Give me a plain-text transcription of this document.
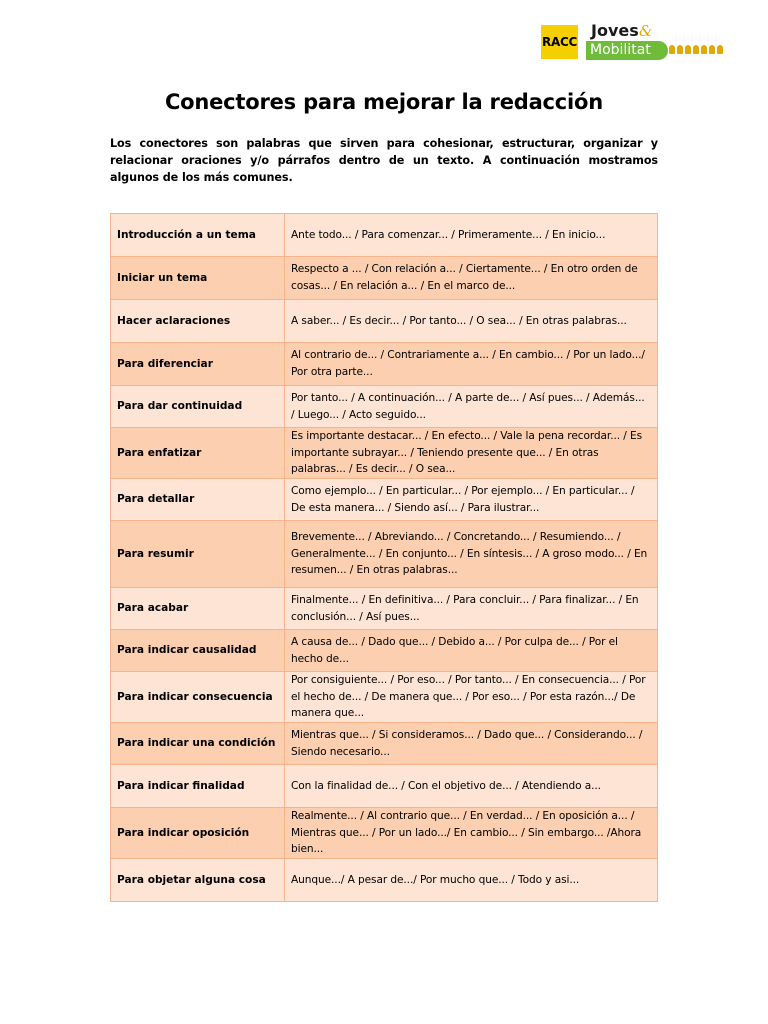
RACC
Joves &
Mobilitat
Conectores para mejorar la redacción

Los conectores son palabras que sirven para cohesionar, estructurar, organizar y relacionar oraciones y/o párrafos dentro de un texto. A continuación mostramos algunos de los más comunes.

Introducción a un tema	Ante todo... / Para comenzar... / Primeramente... / En inicio...
Iniciar un tema	Respecto a ... / Con relación a... / Ciertamente... / En otro orden de cosas... / En relación a... / En el marco de...
Hacer aclaraciones	A saber... / Es decir... / Por tanto... / O sea... / En otras palabras...
Para diferenciar	Al contrario de... / Contrariamente a... / En cambio... / Por un lado.../ Por otra parte...
Para dar continuidad	Por tanto... / A continuación... / A parte de... / Así pues... / Además... / Luego... / Acto seguido...
Para enfatizar	Es importante destacar... / En efecto... / Vale la pena recordar... / Es importante subrayar... / Teniendo presente que... / En otras palabras... / Es decir... / O sea...
Para detallar	Como ejemplo... / En particular... / Por ejemplo... / En particular... / De esta manera... / Siendo así... / Para ilustrar...
Para resumir	Brevemente... / Abreviando... / Concretando... / Resumiendo... / Generalmente... / En conjunto... / En síntesis... / A groso modo... / En resumen... / En otras palabras...
Para acabar	Finalmente... / En definitiva... / Para concluir... / Para finalizar... / En conclusión... / Así pues...
Para indicar causalidad	A causa de... / Dado que... / Debido a... / Por culpa de... / Por el hecho de...
Para indicar consecuencia	Por consiguiente... / Por eso... / Por tanto... / En consecuencia... / Por el hecho de... / De manera que... / Por eso... / Por esta razón.../ De manera que...
Para indicar una condición	Mientras que... / Si consideramos... / Dado que... / Considerando... / Siendo necesario...
Para indicar finalidad	Con la finalidad de... / Con el objetivo de... / Atendiendo a...
Para indicar oposición	Realmente... / Al contrario que... / En verdad... / En oposición a... / Mientras que... / Por un lado.../ En cambio... / Sin embargo... /Ahora bien...
Para objetar alguna cosa	Aunque.../ A pesar de.../ Por mucho que... / Todo y asi...
